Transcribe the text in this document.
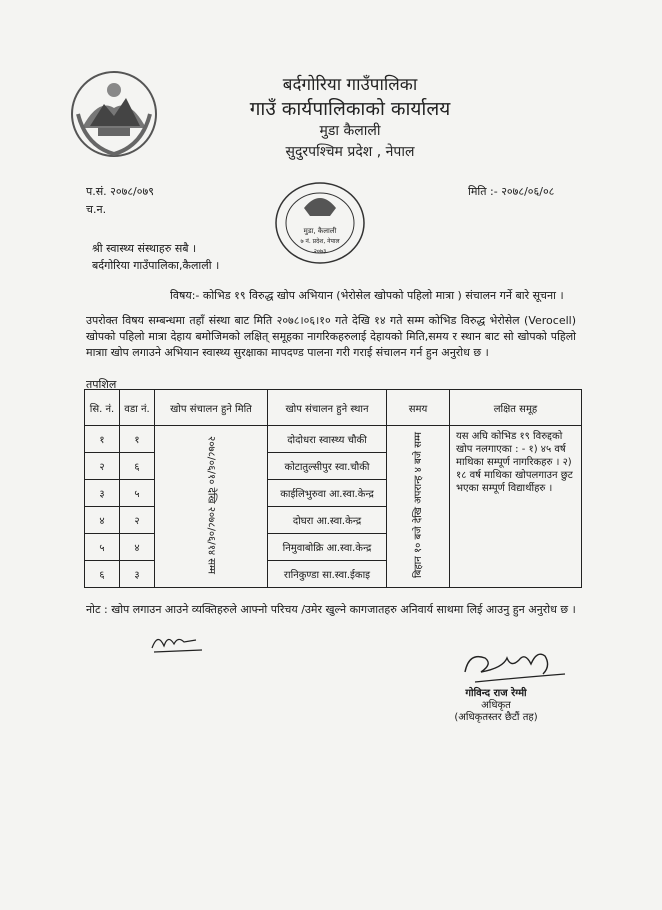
बर्दगोरिया गाउँपालिका
गाउँ कार्यपालिकाको कार्यालय
मुडा कैलाली
सुदुरपश्चिम प्रदेश , नेपाल
प.सं. २०७८/०७९
च.न.
मिति :- २०७८/०६/०८
मुडा, कैलाली
७ नं. प्रदेश, नेपाल
२०७३
श्री स्वास्थ्य संस्थाहरु सबै ।
बर्दगोरिया गाउँपालिका,कैलाली ।
विषय:- कोभिड १९ विरुद्ध खोप अभियान (भेरोसेल खोपको पहिलो मात्रा ) संचालन गर्ने बारे सूचना ।
उपरोक्त विषय सम्बन्धमा तहाँ संस्था बाट मिति २०७८।०६।१० गते देखि १४ गते सम्म कोभिड विरुद्ध भेरोसेल (Verocell) खोपको पहिलो मात्रा देहाय बमोजिमको लक्षित् समूहका नागरिकहरुलाई देहायको मिति,समय र स्थान बाट सो खोपको पहिलो मात्राा खोप लगाउने अभियान स्वास्थ्य सुरक्षाका मापदण्ड पालना गरी गराई संचालन गर्न हुन अनुरोध छ ।
तपशिल
सि. नं.	वडा नं.	खोप संचालन हुने मिति	खोप संचालन हुने स्थान	समय	लक्षित समूह
१	१	२०७८/०६/१० देखि २०७८/०६/१४ सम्म	दोदोधरा स्वास्थ्य चौकी	बिहान १० बजे देखि अपरान्ह ४ बजे सम्म	यस अघि कोभिड १९ विरुद्दको खोप नलगाएका : - १) ४५ वर्ष माथिका सम्पूर्ण नागरिकहरु । २) १८ वर्ष माथिका खोपलगाउन छुट भएका सम्पूर्ण विद्यार्थीहरु ।
२	६		कोटातुल्सीपुर स्वा.चौकी		
३	५		काईलिभुरुवा आ.स्वा.केन्द्र		
४	२		दोघरा आ.स्वा.केन्द्र		
५	४		निमुवाबोक्रि आ.स्वा.केन्द्र		
६	३		रानिकुण्डा सा.स्वा.ईकाइ		
नोट : खोप लगाउन आउने व्यक्तिहरुले आफ्नो परिचय /उमेर खुल्ने कागजातहरु अनिवार्य साथमा लिई आउनु हुन अनुरोध छ ।
गोविन्द राज रेग्मी
अधिकृत
(अधिकृतस्तर छैटौं तह)
